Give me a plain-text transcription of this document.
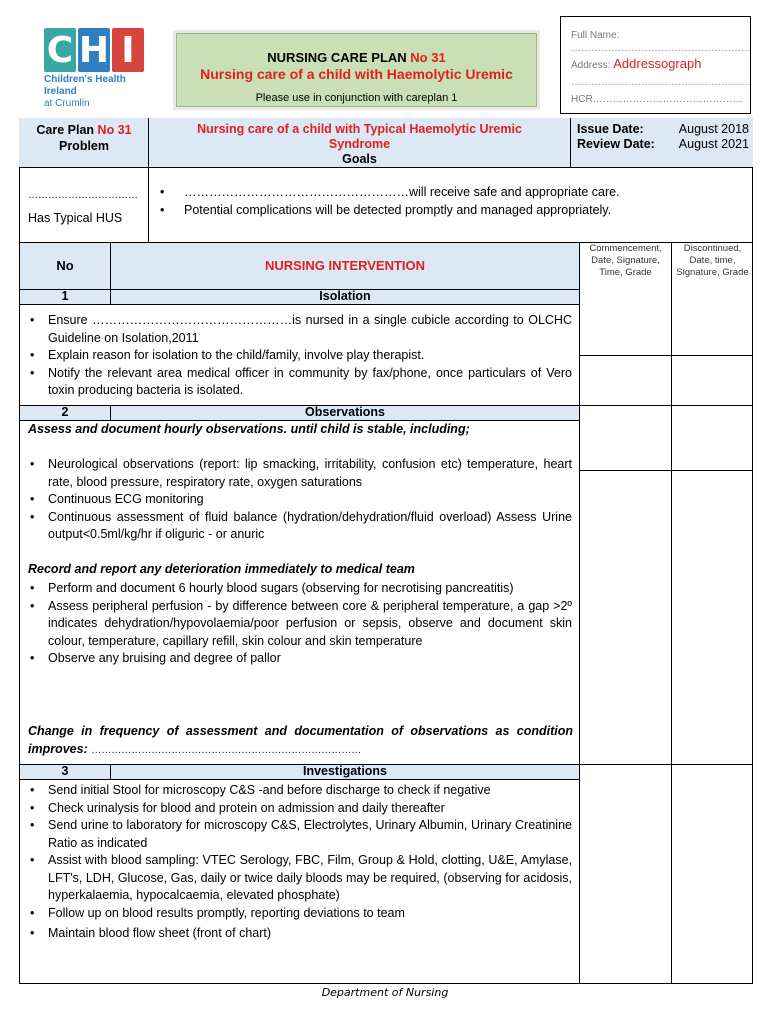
C H I
Children's Health Ireland
at Crumlin
NURSING CARE PLAN No 31
Nursing care of a child with Haemolytic Uremic
Please use in conjunction with careplan 1
Full Name:
………………………………………………
Address: Addressograph
………………………………………………
HCR………………………………………
Care Plan No 31
Problem
Nursing care of a child with Typical Haemolytic Uremic Syndrome
Goals
Issue Date:	August 2018
Review Date: August 2021
……………………………
Has Typical HUS
• ………………………………………………will receive safe and appropriate care.
• Potential complications will be detected promptly and managed appropriately.
No	NURSING INTERVENTION
Commencement, Date, Signature, Time, Grade
Discontinued, Date, time, Signature, Grade
1	Isolation
• Ensure …………………………………………is nursed in a single cubicle according to OLCHC Guideline on Isolation,2011
• Explain reason for isolation to the child/family, involve play therapist.
• Notify the relevant area medical officer in community by fax/phone, once particulars of Vero toxin producing bacteria is isolated.
2	Observations
Assess and document hourly observations. until child is stable, including;
• Neurological observations (report: lip smacking, irritability, confusion etc) temperature, heart rate, blood pressure, respiratory rate, oxygen saturations
• Continuous ECG monitoring
• Continuous assessment of fluid balance (hydration/dehydration/fluid overload) Assess Urine output<0.5ml/kg/hr if oliguric - or anuric
Record and report any deterioration immediately to medical team
• Perform and document 6 hourly blood sugars (observing for necrotising pancreatitis)
• Assess peripheral perfusion - by difference between core & peripheral temperature, a gap >2º indicates dehydration/hypovolaemia/poor perfusion or sepsis, observe and document skin colour, temperature, capillary refill, skin colour and skin temperature
• Observe any bruising and degree of pallor
Change in frequency of assessment and documentation of observations as condition improves: ………………………………………………………………………
3	Investigations
• Send initial Stool for microscopy C&S -and before discharge to check if negative
• Check urinalysis for blood and protein on admission and daily thereafter
• Send urine to laboratory for microscopy C&S, Electrolytes, Urinary Albumin, Urinary Creatinine Ratio as indicated
• Assist with blood sampling: VTEC Serology, FBC, Film, Group & Hold, clotting, U&E, Amylase, LFT's, LDH, Glucose, Gas, daily or twice daily bloods may be required, (observing for acidosis, hyperkalaemia, hypocalcaemia, elevated phosphate)
• Follow up on blood results promptly, reporting deviations to team
• Maintain blood flow sheet (front of chart)
Department of Nursing
